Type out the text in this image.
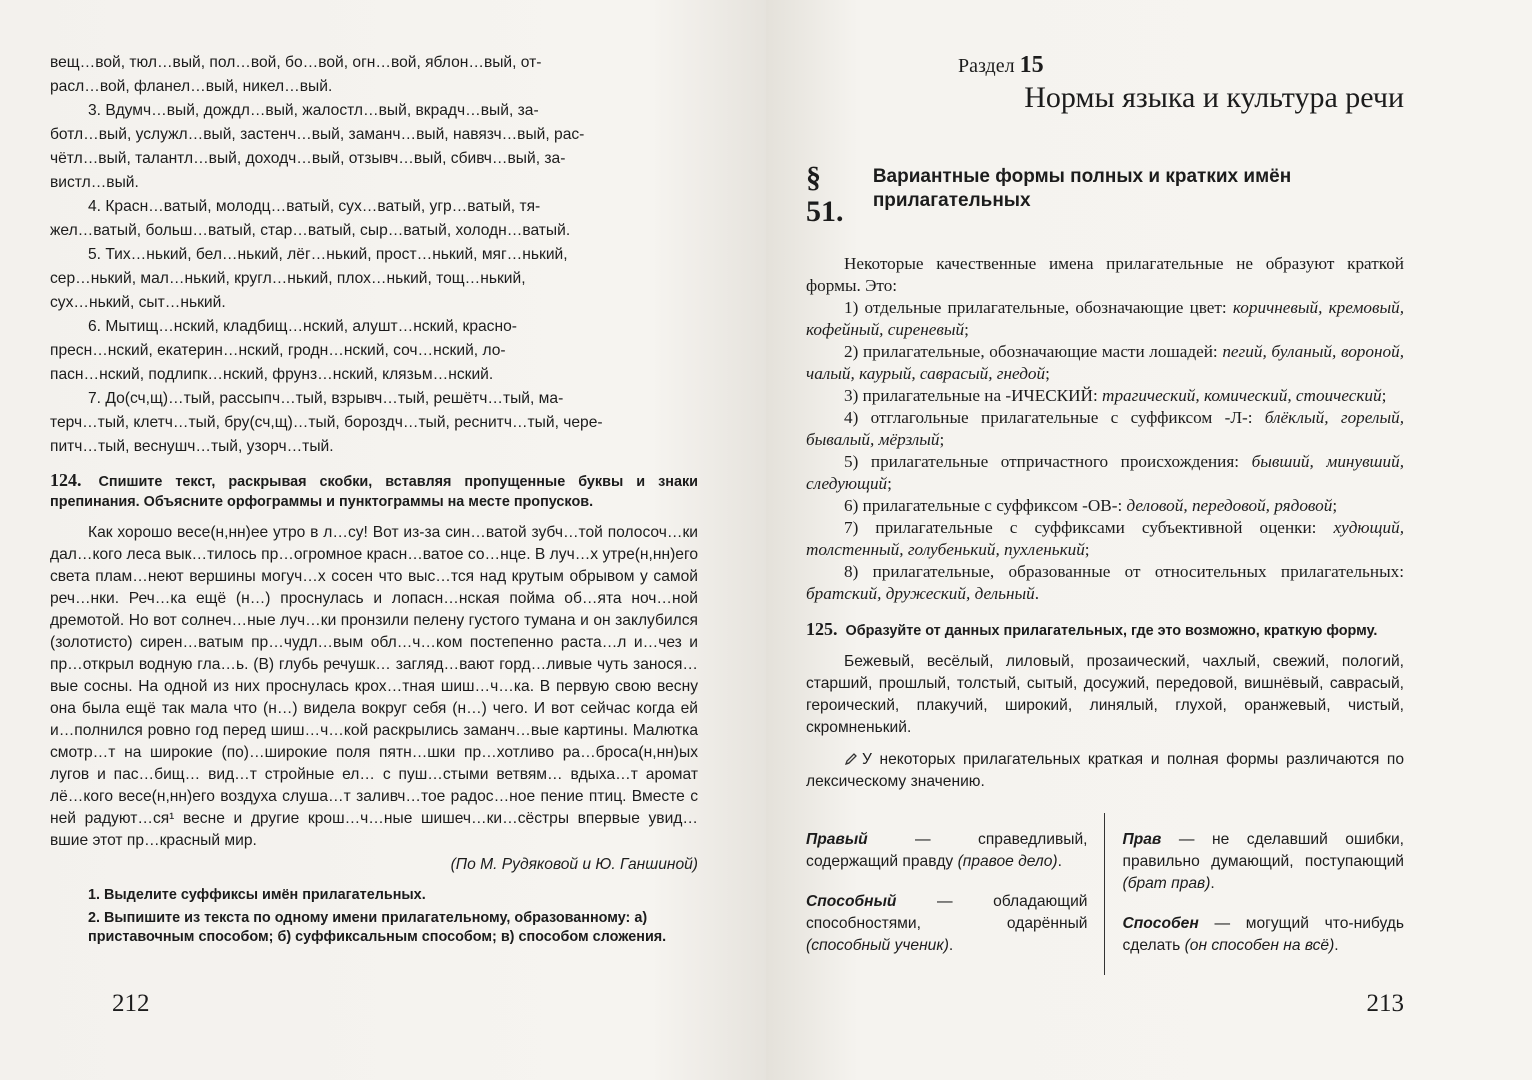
вещ…вой, тюл…вый, пол…вой, бо…вой, огн…вой, яблон…вый, от-

расл…вой, фланел…вый, никел…вый.

3. Вдумч…вый, дождл…вый, жалостл…вый, вкрадч…вый, за-

ботл…вый, услужл…вый, застенч…вый, заманч…вый, навязч…вый, рас-

чётл…вый, талантл…вый, доходч…вый, отзывч…вый, сбивч…вый, за-

вистл…вый.

4. Красн…ватый, молодц…ватый, сух…ватый, угр…ватый, тя-

жел…ватый, больш…ватый, стар…ватый, сыр…ватый, холодн…ватый.

5. Тих…нький, бел…нький, лёг…нький, прост…нький, мяг…нький,

сер…нький, мал…нький, кругл…нький, плох…нький, тощ…нький,

сух…нький, сыт…нький.

6. Мытищ…нский, кладбищ…нский, алушт…нский, красно-

пресн…нский, екатерин…нский, гродн…нский, соч…нский, ло-

пасн…нский, подлипк…нский, фрунз…нский, клязьм…нский.

7. До(сч,щ)…тый, рассыпч…тый, взрывч…тый, решётч…тый, ма-

терч…тый, клетч…тый, бру(сч,щ)…тый, бороздч…тый, реснитч…тый, чере-

питч…тый, веснушч…тый, узорч…тый.

124. Спишите текст, раскрывая скобки, вставляя пропущенные буквы и знаки препинания. Объясните орфограммы и пунктограммы на месте пропусков.

Как хорошо весе(н,нн)ее утро в л…су! Вот из-за син…ватой зубч…той полосоч…ки дал…кого леса вык…тилось пр…огромное красн…ватое со…нце. В луч…х утре(н,нн)его света плам…неют вершины могуч…х сосен что выс…тся над крутым обрывом у самой реч…нки. Реч…ка ещё (н…) проснулась и лопасн…нская пойма об…ята ноч…ной дремотой. Но вот солнеч…ные луч…ки пронзили пелену густого тумана и он заклубился (золотисто) сирен…ватым пр…чудл…вым обл…ч…ком постепенно раста…л и…чез и пр…открыл водную гла…ь. (В) глубь речушк… загляд…вают горд…ливые чуть занося…вые сосны. На одной из них проснулась крох…тная шиш…ч…ка. В первую свою весну она была ещё так мала что (н…) видела вокруг себя (н…) чего. И вот сейчас когда ей и…полнился ровно год перед шиш…ч…кой раскрылись заманч…вые картины. Малютка смотр…т на широкие (по)…широкие поля пятн…шки пр…хотливо ра…броса(н,нн)ых лугов и пас…бищ… вид…т стройные ел… с пуш…стыми ветвям… вдыха…т аромат лё…кого весе(н,нн)его воздуха слуша…т заливч…тое радос…ное пение птиц. Вместе с ней радуют…ся¹ весне и другие крош…ч…ные шишеч…ки…сёстры впервые увид…вшие этот пр…красный мир.

(По М. Рудяковой и Ю. Ганшиной)

1. Выделите суффиксы имён прилагательных.

2. Выпишите из текста по одному имени прилагательному, образованному: а) приставочным способом; б) суффиксальным способом; в) способом сложения.

212
Раздел 15
Нормы языка и культура речи
§ 51.
Вариантные формы полных и кратких имён прилагательных

Некоторые качественные имена прилагательные не образуют краткой формы. Это:

1) отдельные прилагательные, обозначающие цвет: коричневый, кремовый, кофейный, сиреневый;

2) прилагательные, обозначающие масти лошадей: пегий, буланый, вороной, чалый, каурый, саврасый, гнедой;

3) прилагательные на -ИЧЕСКИЙ: трагический, комический, стоический;

4) отглагольные прилагательные с суффиксом -Л-: блёклый, горелый, бывалый, мёрзлый;

5) прилагательные отпричастного происхождения: бывший, минувший, следующий;

6) прилагательные с суффиксом -ОВ-: деловой, передовой, рядовой;

7) прилагательные с суффиксами субъективной оценки: худющий, толстенный, голубенький, пухленький;

8) прилагательные, образованные от относительных прилагательных: братский, дружеский, дельный.

125. Образуйте от данных прилагательных, где это возможно, краткую форму.

Бежевый, весёлый, лиловый, прозаический, чахлый, свежий, пологий, старший, прошлый, толстый, сытый, досужий, передовой, вишнёвый, саврасый, героический, плакучий, широкий, линялый, глухой, оранжевый, чистый, скромненький.

У некоторых прилагательных краткая и полная формы различаются по лексическому значению.

Правый — справедливый, содержащий правду (правое дело).

Способный — обладающий способностями, одарённый (способный ученик).

Прав — не сделавший ошибки, правильно думающий, поступающий (брат прав).

Способен — могущий что-нибудь сделать (он способен на всё).

213
